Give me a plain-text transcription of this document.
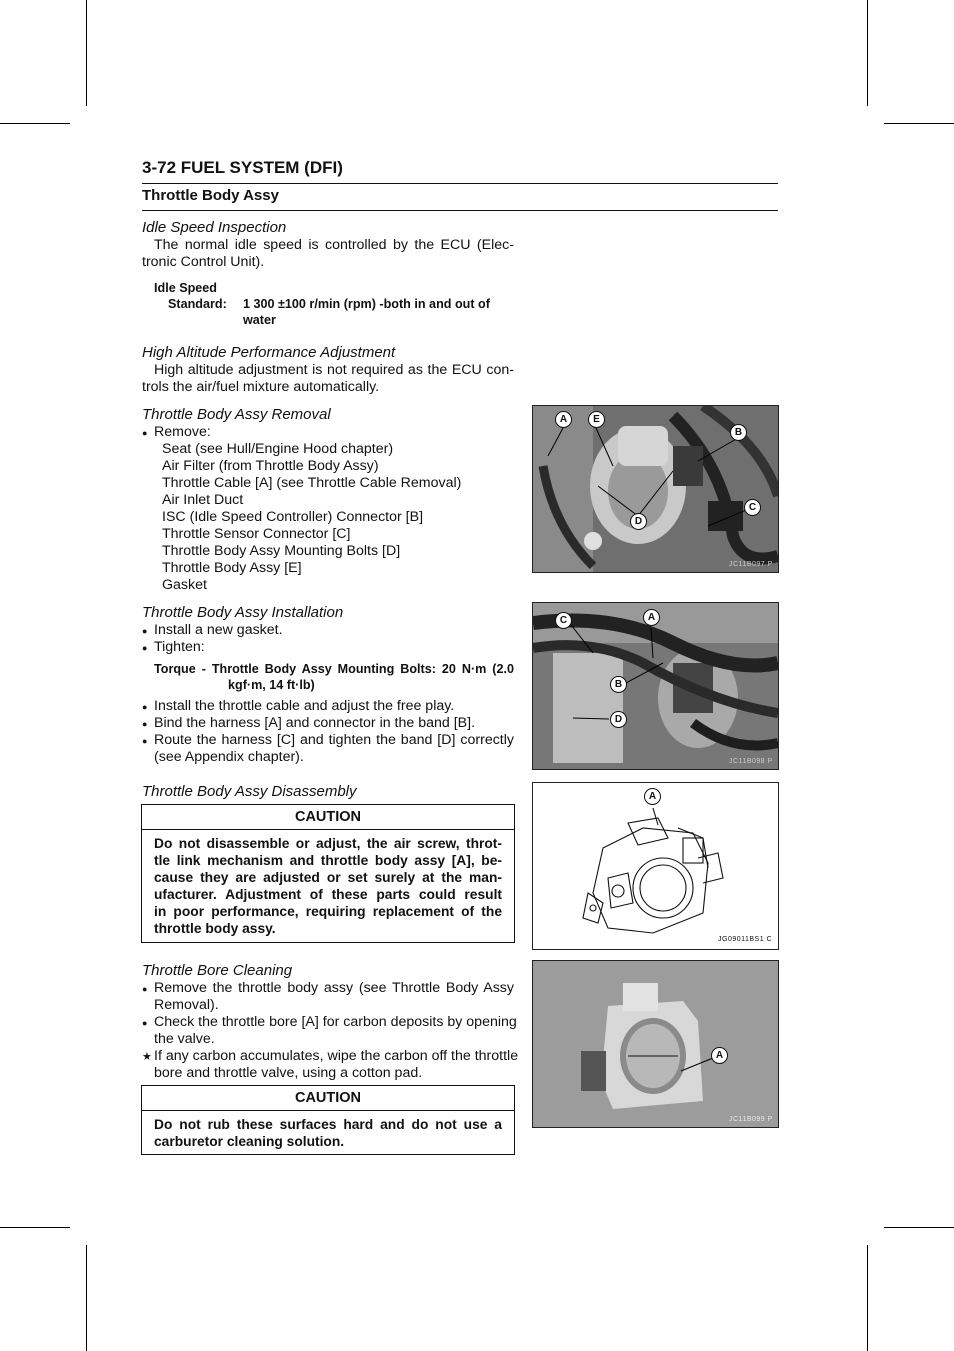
3-72 FUEL SYSTEM (DFI)
Throttle Body Assy
Idle Speed Inspection
The normal idle speed is controlled by the ECU (Elec-
tronic Control Unit).
Idle Speed
Standard: 1 300 ±100 r/min (rpm) -both in and out of
water
High Altitude Performance Adjustment
High altitude adjustment is not required as the ECU con-
trols the air/fuel mixture automatically.
Throttle Body Assy Removal
● Remove:
Seat (see Hull/Engine Hood chapter)
Air Filter (from Throttle Body Assy)
Throttle Cable [A] (see Throttle Cable Removal)
Air Inlet Duct
ISC (Idle Speed Controller) Connector [B]
Throttle Sensor Connector [C]
Throttle Body Assy Mounting Bolts [D]
Throttle Body Assy [E]
Gasket
Throttle Body Assy Installation
● Install a new gasket.
● Tighten:
Torque - Throttle Body Assy Mounting Bolts: 20 N·m (2.0
kgf·m, 14 ft·lb)
● Install the throttle cable and adjust the free play.
● Bind the harness [A] and connector in the band [B].
● Route the harness [C] and tighten the band [D] correctly
(see Appendix chapter).
Throttle Body Assy Disassembly
CAUTION
Do not disassemble or adjust, the air screw, throt-
tle link mechanism and throttle body assy [A], be-
cause they are adjusted or set surely at the man-
ufacturer. Adjustment of these parts could result
in poor performance, requiring replacement of the
throttle body assy.
Throttle Bore Cleaning
● Remove the throttle body assy (see Throttle Body Assy
Removal).
● Check the throttle bore [A] for carbon deposits by opening
the valve.
★ If any carbon accumulates, wipe the carbon off the throttle
bore and throttle valve, using a cotton pad.
CAUTION
Do not rub these surfaces hard and do not use a
carburetor cleaning solution.
A	E
B
C
D
JC11B097 P
C	A
B
D
JC11B098 P
A
JG09011BS1 C
A
JC11B099 P
